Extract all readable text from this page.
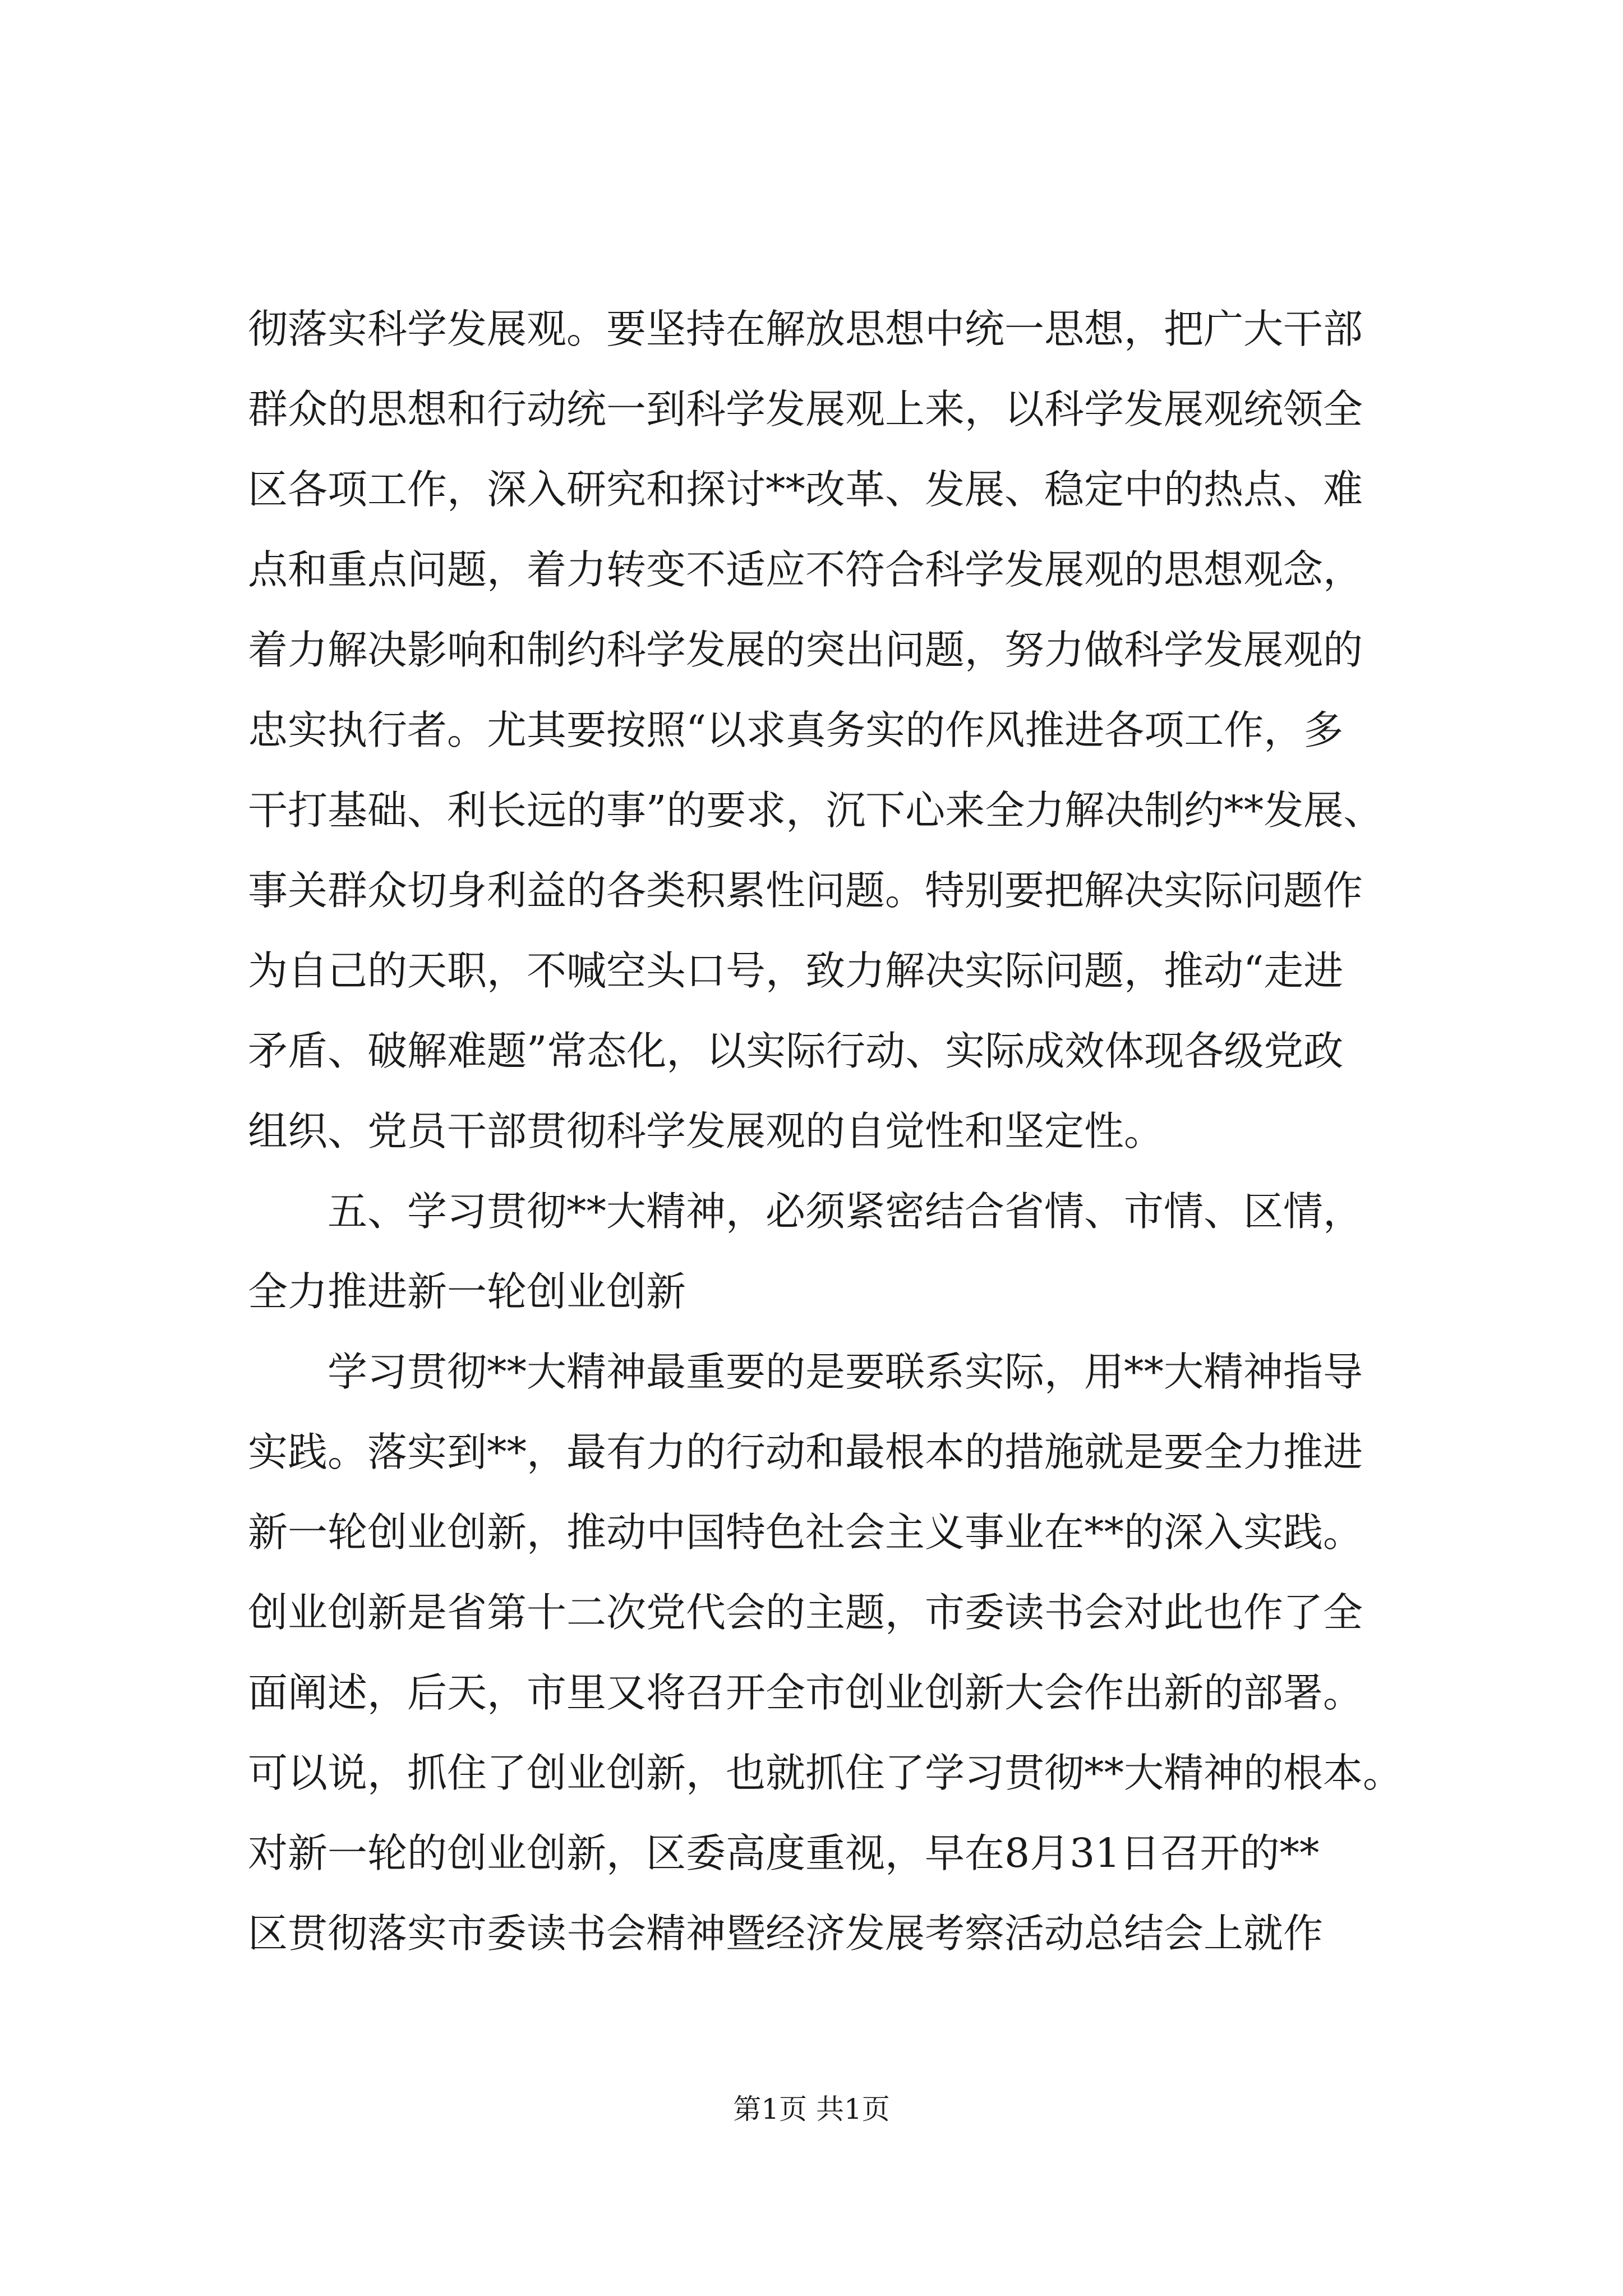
彻落实科学发展观。要坚持在解放思想中统一思想，把广大干部
群众的思想和行动统一到科学发展观上来，以科学发展观统领全
区各项工作，深入研究和探讨**改革、发展、稳定中的热点、难
点和重点问题，着力转变不适应不符合科学发展观的思想观念，
着力解决影响和制约科学发展的突出问题，努力做科学发展观的
忠实执行者。尤其要按照“以求真务实的作风推进各项工作，多
干打基础、利长远的事”的要求，沉下心来全力解决制约**发展、
事关群众切身利益的各类积累性问题。特别要把解决实际问题作
为自己的天职，不喊空头口号，致力解决实际问题，推动“走进
矛盾、破解难题”常态化，以实际行动、实际成效体现各级党政
组织、党员干部贯彻科学发展观的自觉性和坚定性。
五、学习贯彻**大精神，必须紧密结合省情、市情、区情，
全力推进新一轮创业创新
学习贯彻**大精神最重要的是要联系实际，用**大精神指导
实践。落实到**，最有力的行动和最根本的措施就是要全力推进
新一轮创业创新，推动中国特色社会主义事业在**的深入实践。
创业创新是省第十二次党代会的主题，市委读书会对此也作了全
面阐述，后天，市里又将召开全市创业创新大会作出新的部署。
可以说，抓住了创业创新，也就抓住了学习贯彻**大精神的根本。
对新一轮的创业创新，区委高度重视，早在8月31日召开的**
区贯彻落实市委读书会精神暨经济发展考察活动总结会上就作
第1页 共1页
